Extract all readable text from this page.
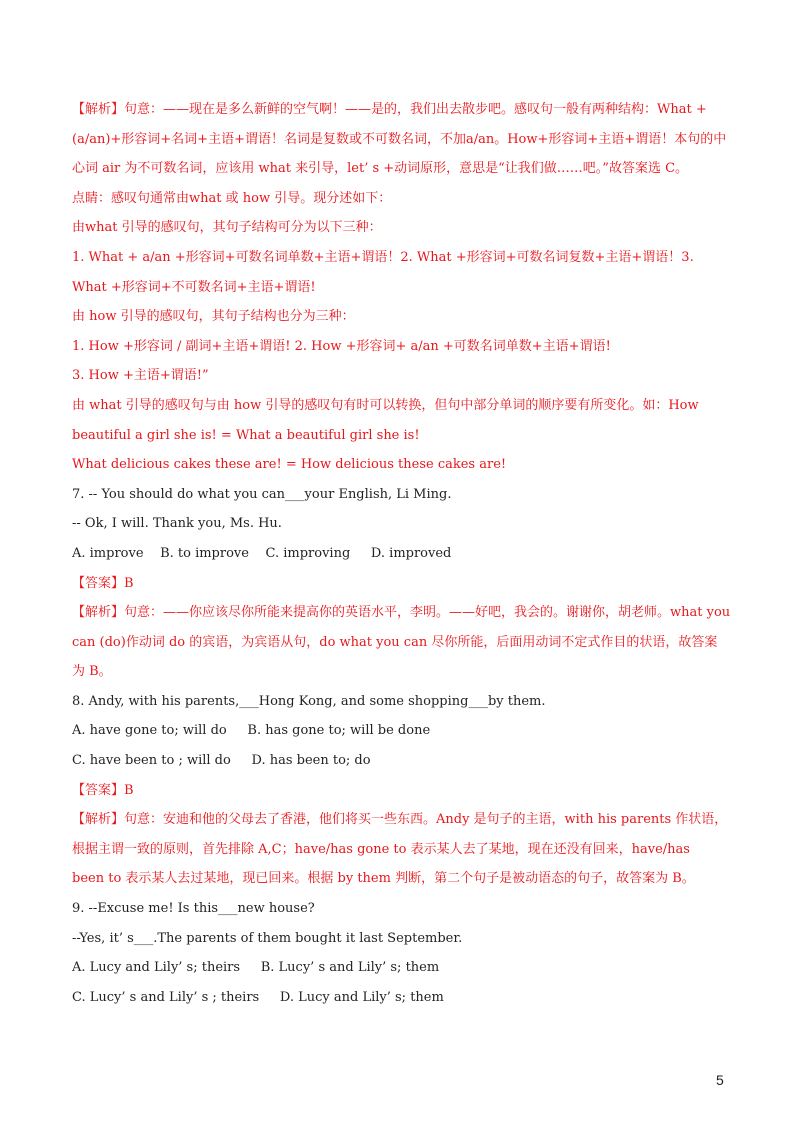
【解析】句意：——现在是多么新鲜的空气啊！——是的，我们出去散步吧。感叹句一般有两种结构：What +
(a/an)+形容词+名词+主语+谓语！名词是复数或不可数名词，不加a/an。How+形容词+主语+谓语！本句的中
心词 air 为不可数名词，应该用 what 来引导，let’ s +动词原形，意思是“让我们做……吧。”故答案选 C。
点睛：感叹句通常由what 或 how 引导。现分述如下：
由what 引导的感叹句，其句子结构可分为以下三种：
1. What + a/an +形容词+可数名词单数+主语+谓语！2. What +形容词+可数名词复数+主语+谓语！3.
What +形容词+不可数名词+主语+谓语!
由 how 引导的感叹句，其句子结构也分为三种：
1. How +形容词 / 副词+主语+谓语! 2. How +形容词+ a/an +可数名词单数+主语+谓语!
3. How +主语+谓语!”
由 what 引导的感叹句与由 how 引导的感叹句有时可以转换，但句中部分单词的顺序要有所变化。如：How
beautiful a girl she is! = What a beautiful girl she is!
What delicious cakes these are! = How delicious these cakes are!
7. -- You should do what you can___your English, Li Ming.
-- Ok, I will. Thank you, Ms. Hu.
A. improve    B. to improve    C. improving     D. improved
【答案】B
【解析】句意：——你应该尽你所能来提高你的英语水平，李明。——好吧，我会的。谢谢你，胡老师。what you
can (do)作动词 do 的宾语，为宾语从句，do what you can 尽你所能，后面用动词不定式作目的状语，故答案
为 B。
8. Andy, with his parents,___Hong Kong, and some shopping___by them.
A. have gone to; will do     B. has gone to; will be done
C. have been to ; will do     D. has been to; do
【答案】B
【解析】句意：安迪和他的父母去了香港，他们将买一些东西。Andy 是句子的主语，with his parents 作状语，
根据主谓一致的原则，首先排除 A,C；have/has gone to 表示某人去了某地，现在还没有回来，have/has
been to 表示某人去过某地，现已回来。根据 by them 判断，第二个句子是被动语态的句子，故答案为 B。
9. --Excuse me! Is this___new house?
--Yes, it’ s___.The parents of them bought it last September.
A. Lucy and Lily’ s; theirs     B. Lucy’ s and Lily’ s; them
C. Lucy’ s and Lily’ s ; theirs     D. Lucy and Lily’ s; them
5
